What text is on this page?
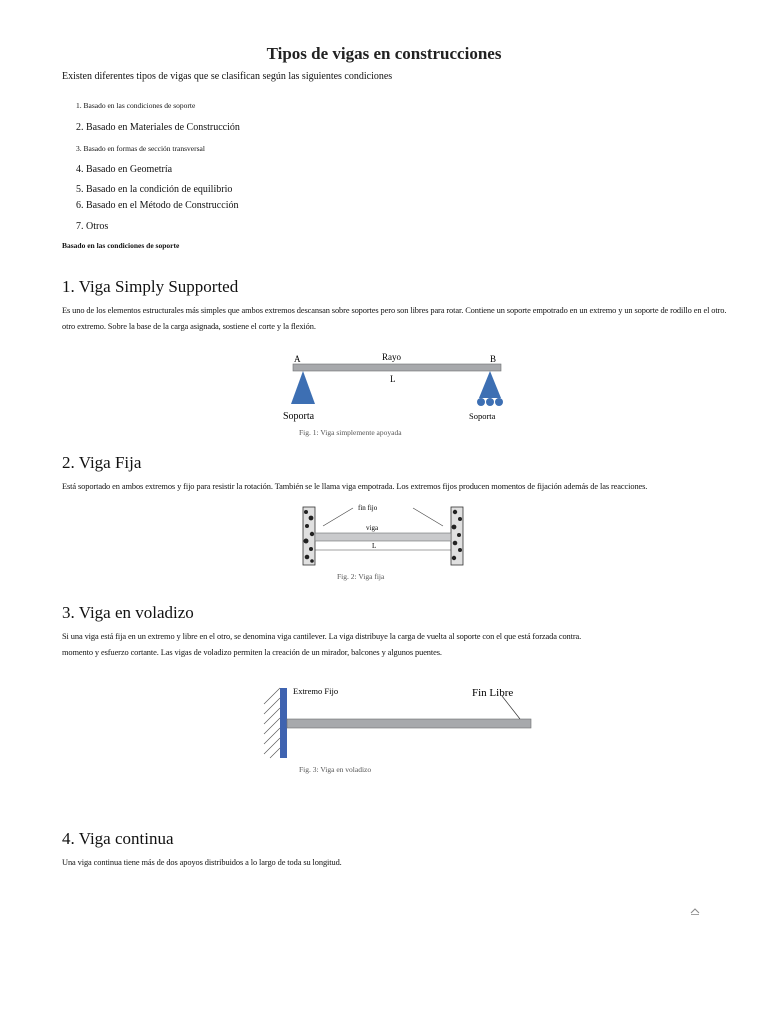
Tipos de vigas en construcciones
Existen diferentes tipos de vigas que se clasifican según las siguientes condiciones
1. Basado en las condiciones de soporte
2. Basado en Materiales de Construcción
3. Basado en formas de sección transversal
4. Basado en Geometría
5. Basado en la condición de equilibrio
6. Basado en el Método de Construcción
7. Otros
Basado en las condiciones de soporte
1. Viga Simply Supported
Es uno de los elementos estructurales más simples que ambos extremos descansan sobre soportes pero son libres para rotar. Contiene un soporte empotrado en un extremo y un soporte de rodillo en el otro.
otro extremo. Sobre la base de la carga asignada, sostiene el corte y la flexión.
A	B
Rayo
L
Soporta	Soporta
Fig. 1: Viga simplemente apoyada
2. Viga Fija
Está soportado en ambos extremos y fijo para resistir la rotación. También se le llama viga empotrada. Los extremos fijos producen momentos de fijación además de las reacciones.
fin fijo
viga
L
Fig. 2: Viga fija
3. Viga en voladizo
Si una viga está fija en un extremo y libre en el otro, se denomina viga cantilever. La viga distribuye la carga de vuelta al soporte con el que está forzada contra.
momento y esfuerzo cortante. Las vigas de voladizo permiten la creación de un mirador, balcones y algunos puentes.
Extremo Fijo	Fin Libre
Fig. 3: Viga en voladizo
4. Viga continua
Una viga continua tiene más de dos apoyos distribuidos a lo largo de toda su longitud.
